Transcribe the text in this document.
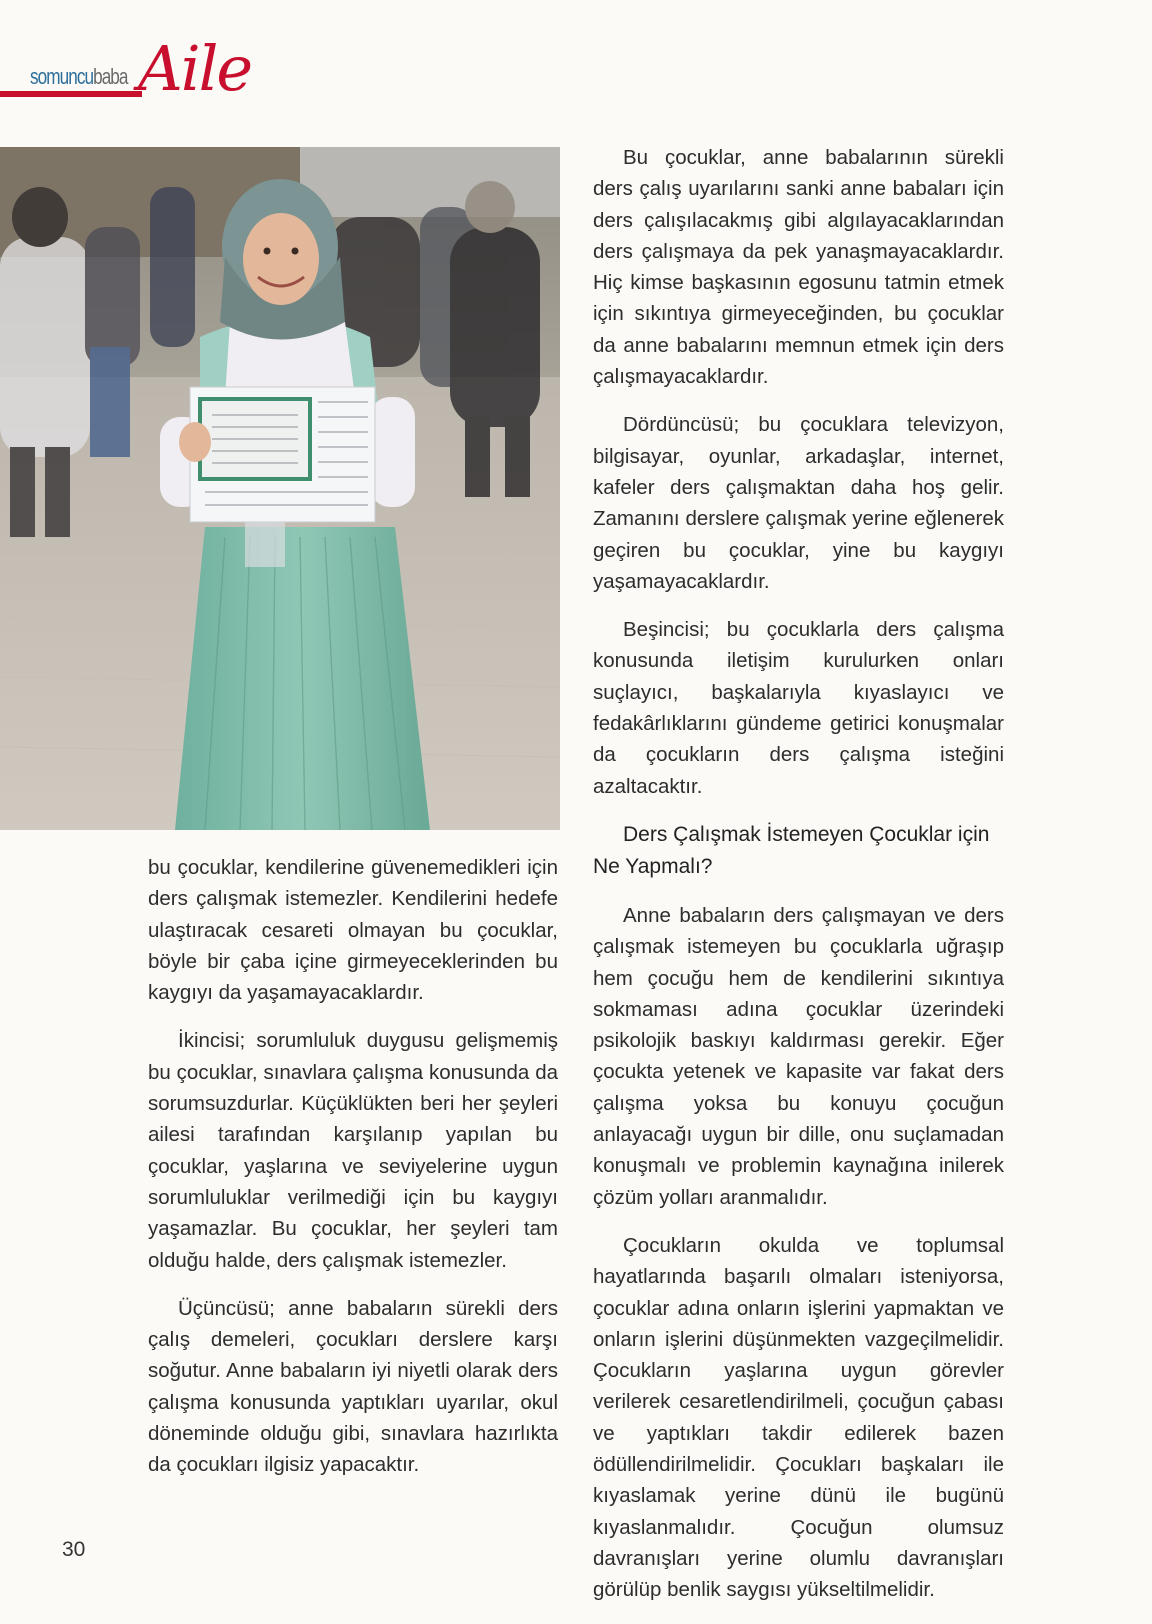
somuncubaba Aile

bu çocuklar, kendilerine güvenemedikleri için ders çalışmak istemezler. Kendilerini hedefe ulaştıracak cesareti olmayan bu çocuklar, böyle bir çaba içine girmeyeceklerinden bu kaygıyı da yaşamayacaklardır.

İkincisi; sorumluluk duygusu gelişmemiş bu çocuklar, sınavlara çalışma konusunda da sorumsuzdurlar. Küçüklükten beri her şeyleri ailesi tarafından karşılanıp yapılan bu çocuklar, yaşlarına ve seviyelerine uygun sorumluluklar verilmediği için bu kaygıyı yaşamazlar. Bu çocuklar, her şeyleri tam olduğu halde, ders çalışmak istemezler.

Üçüncüsü; anne babaların sürekli ders çalış demeleri, çocukları derslere karşı soğutur. Anne babaların iyi niyetli olarak ders çalışma konusunda yaptıkları uyarılar, okul döneminde olduğu gibi, sınavlara hazırlıkta da çocukları ilgisiz yapacaktır.

Bu çocuklar, anne babalarının sürekli ders çalış uyarılarını sanki anne babaları için ders çalışılacakmış gibi algılayacaklarından ders çalışmaya da pek yanaşmayacaklardır. Hiç kimse başkasının egosunu tatmin etmek için sıkıntıya girmeyeceğinden, bu çocuklar da anne babalarını memnun etmek için ders çalışmayacaklardır.

Dördüncüsü; bu çocuklara televizyon, bilgisayar, oyunlar, arkadaşlar, internet, kafeler ders çalışmaktan daha hoş gelir. Zamanını derslere çalışmak yerine eğlenerek geçiren bu çocuklar, yine bu kaygıyı yaşamayacaklardır.

Beşincisi; bu çocuklarla ders çalışma konusunda iletişim kurulurken onları suçlayıcı, başkalarıyla kıyaslayıcı ve fedakârlıklarını gündeme getirici konuşmalar da çocukların ders çalışma isteğini azaltacaktır.

Ders Çalışmak İstemeyen Çocuklar için Ne Yapmalı?

Anne babaların ders çalışmayan ve ders çalışmak istemeyen bu çocuklarla uğraşıp hem çocuğu hem de kendilerini sıkıntıya sokmaması adına çocuklar üzerindeki psikolojik baskıyı kaldırması gerekir. Eğer çocukta yetenek ve kapasite var fakat ders çalışma yoksa bu konuyu çocuğun anlayacağı uygun bir dille, onu suçlamadan konuşmalı ve problemin kaynağına inilerek çözüm yolları aranmalıdır.

Çocukların okulda ve toplumsal hayatlarında başarılı olmaları isteniyorsa, çocuklar adına onların işlerini yapmaktan ve onların işlerini düşünmekten vazgeçilmelidir. Çocukların yaşlarına uygun görevler verilerek cesaretlendirilmeli, çocuğun çabası ve yaptıkları takdir edilerek bazen ödüllendirilmelidir. Çocukları başkaları ile kıyaslamak yerine dünü ile bugünü kıyaslanmalıdır. Çocuğun olumsuz davranışları yerine olumlu davranışları görülüp benlik saygısı yükseltilmelidir.

30
